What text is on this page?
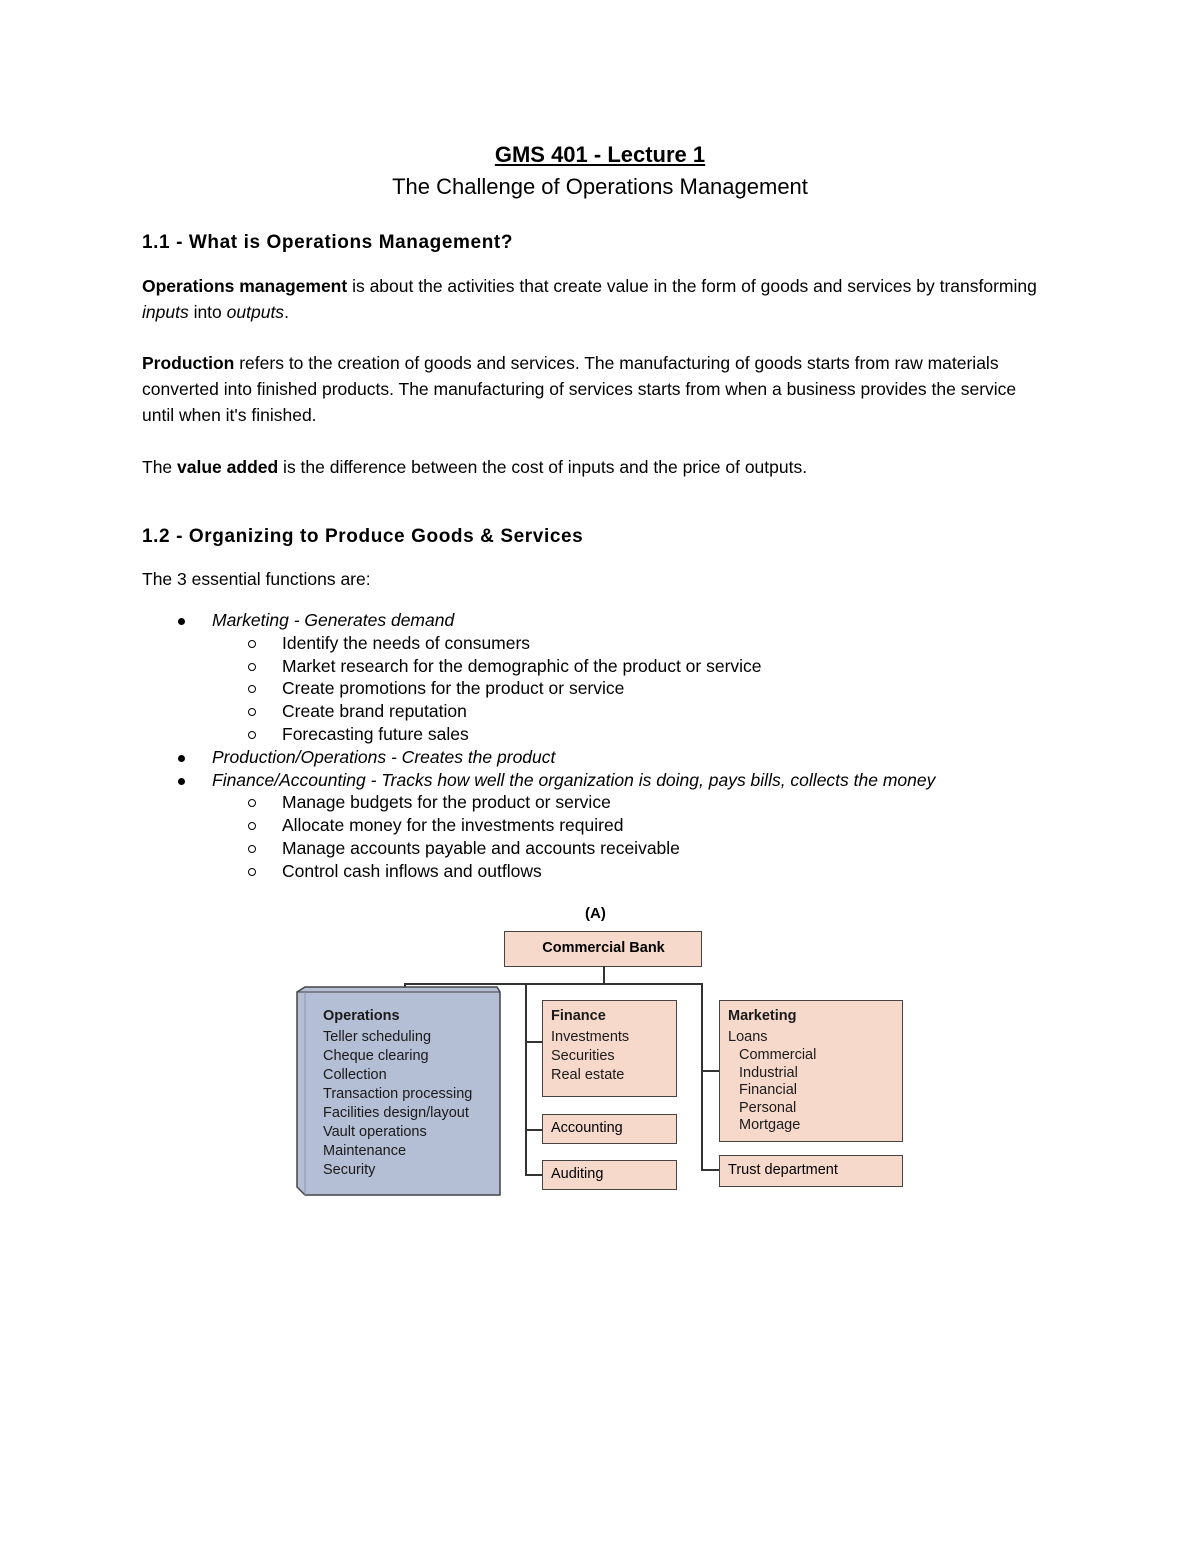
GMS 401 - Lecture 1
The Challenge of Operations Management
1.1 - What is Operations Management?
Operations management is about the activities that create value in the form of goods and services by transforming inputs into outputs.
Production refers to the creation of goods and services. The manufacturing of goods starts from raw materials converted into finished products. The manufacturing of services starts from when a business provides the service until when it's finished.
The value added is the difference between the cost of inputs and the price of outputs.
1.2 - Organizing to Produce Goods & Services
The 3 essential functions are:
Marketing - Generates demand
Identify the needs of consumers
Market research for the demographic of the product or service
Create promotions for the product or service
Create brand reputation
Forecasting future sales
Production/Operations - Creates the product
Finance/Accounting - Tracks how well the organization is doing, pays bills, collects the money
Manage budgets for the product or service
Allocate money for the investments required
Manage accounts payable and accounts receivable
Control cash inflows and outflows
(A)
Commercial Bank
Operations
Teller scheduling
Cheque clearing
Collection
Transaction processing
Facilities design/layout
Vault operations
Maintenance
Security
Finance
Investments
Securities
Real estate
Accounting
Auditing
Marketing
Loans
Commercial
Industrial
Financial
Personal
Mortgage
Trust department
